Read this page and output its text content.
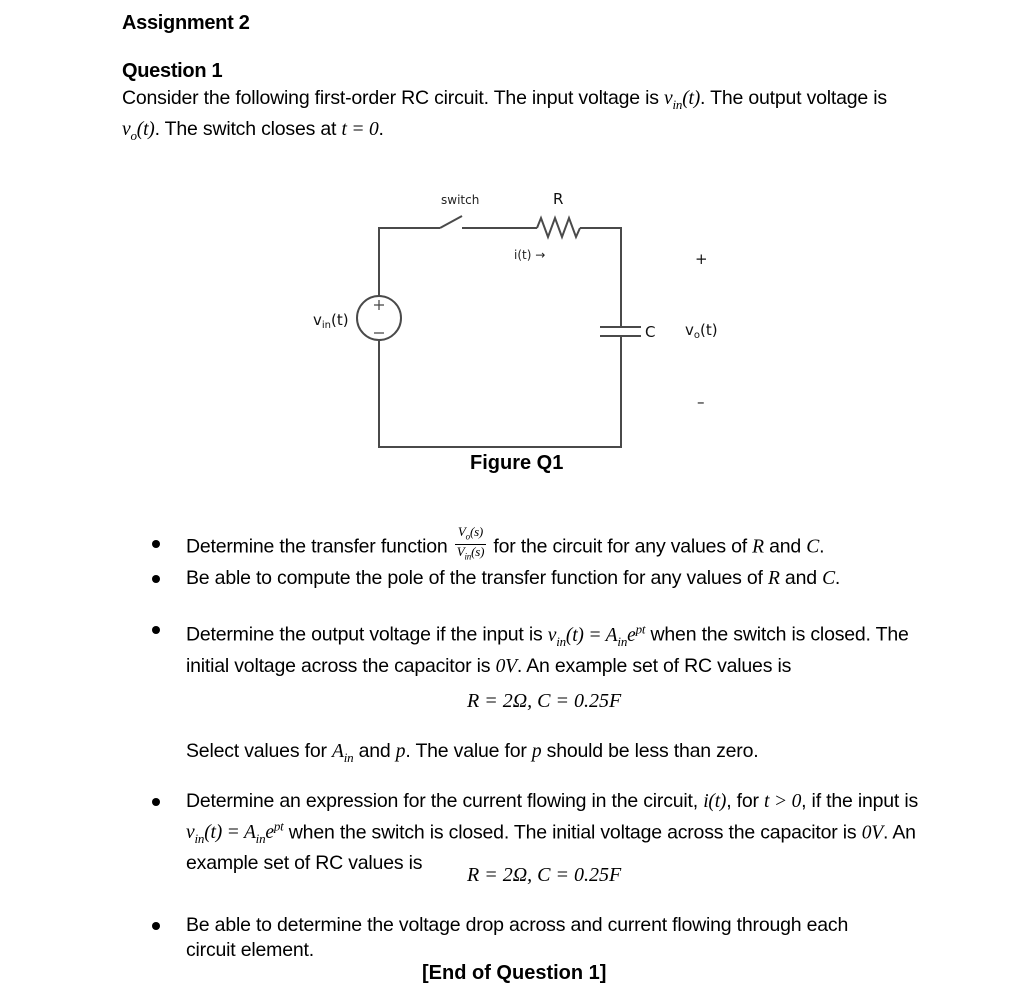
Assignment 2
Question 1
Consider the following first-order RC circuit. The input voltage is $v_{in}(t)$. The output voltage is $v_o(t)$. The switch closes at t = 0.
switch	R
i(t) →
$v_{in}(t)$
C $v_o(t)$
+
–
Figure Q1
Determine the transfer function $\frac{V_o(s)}{V_{in}(s)}$ for the circuit for any values of R and C.
Be able to compute the pole of the transfer function for any values of R and C.
Determine the output voltage if the input is $v_{in}(t) = A_{in}e^{pt}$ when the switch is closed. The initial voltage across the capacitor is 0V. An example set of RC values is
R = 2Ω, C = 0.25F
Select values for $A_{in}$ and p. The value for p should be less than zero.
Determine an expression for the current flowing in the circuit, i(t), for t > 0, if the input is $v_{in}(t) = A_{in}e^{pt}$ when the switch is closed. The initial voltage across the capacitor is 0V. An example set of RC values is
R = 2Ω, C = 0.25F
Be able to determine the voltage drop across and current flowing through each circuit element.
[End of Question 1]
